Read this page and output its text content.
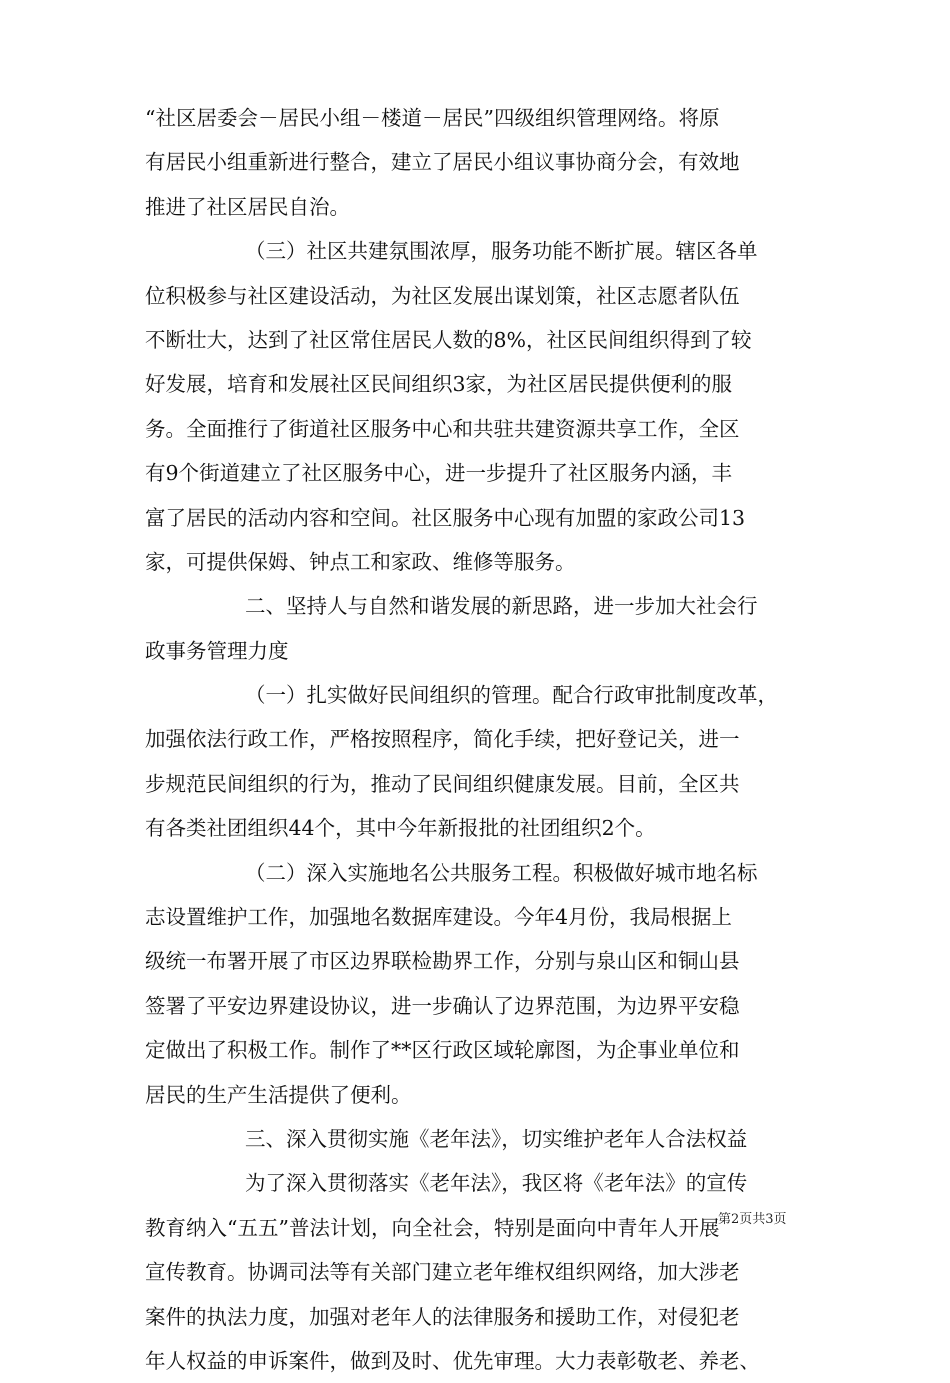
“社区居委会－居民小组－楼道－居民”四级组织管理网络。将原
有居民小组重新进行整合，建立了居民小组议事协商分会，有效地
推进了社区居民自治。
（三）社区共建氛围浓厚，服务功能不断扩展。辖区各单
位积极参与社区建设活动，为社区发展出谋划策，社区志愿者队伍
不断壮大，达到了社区常住居民人数的8%，社区民间组织得到了较
好发展，培育和发展社区民间组织3家，为社区居民提供便利的服
务。全面推行了街道社区服务中心和共驻共建资源共享工作，全区
有9个街道建立了社区服务中心，进一步提升了社区服务内涵，丰
富了居民的活动内容和空间。社区服务中心现有加盟的家政公司13
家，可提供保姆、钟点工和家政、维修等服务。
二、坚持人与自然和谐发展的新思路，进一步加大社会行
政事务管理力度
（一）扎实做好民间组织的管理。配合行政审批制度改革，
加强依法行政工作，严格按照程序，简化手续，把好登记关，进一
步规范民间组织的行为，推动了民间组织健康发展。目前，全区共
有各类社团组织44个，其中今年新报批的社团组织2个。
（二）深入实施地名公共服务工程。积极做好城市地名标
志设置维护工作，加强地名数据库建设。今年4月份，我局根据上
级统一布署开展了市区边界联检勘界工作，分别与泉山区和铜山县
签署了平安边界建设协议，进一步确认了边界范围，为边界平安稳
定做出了积极工作。制作了**区行政区域轮廓图，为企事业单位和
居民的生产生活提供了便利。
三、深入贯彻实施《老年法》，切实维护老年人合法权益
为了深入贯彻落实《老年法》，我区将《老年法》的宣传
教育纳入“五五”普法计划，向全社会，特别是面向中青年人开展
宣传教育。协调司法等有关部门建立老年维权组织网络，加大涉老
案件的执法力度，加强对老年人的法律服务和援助工作，对侵犯老
年人权益的申诉案件，做到及时、优先审理。大力表彰敬老、养老、
第2页共3页
